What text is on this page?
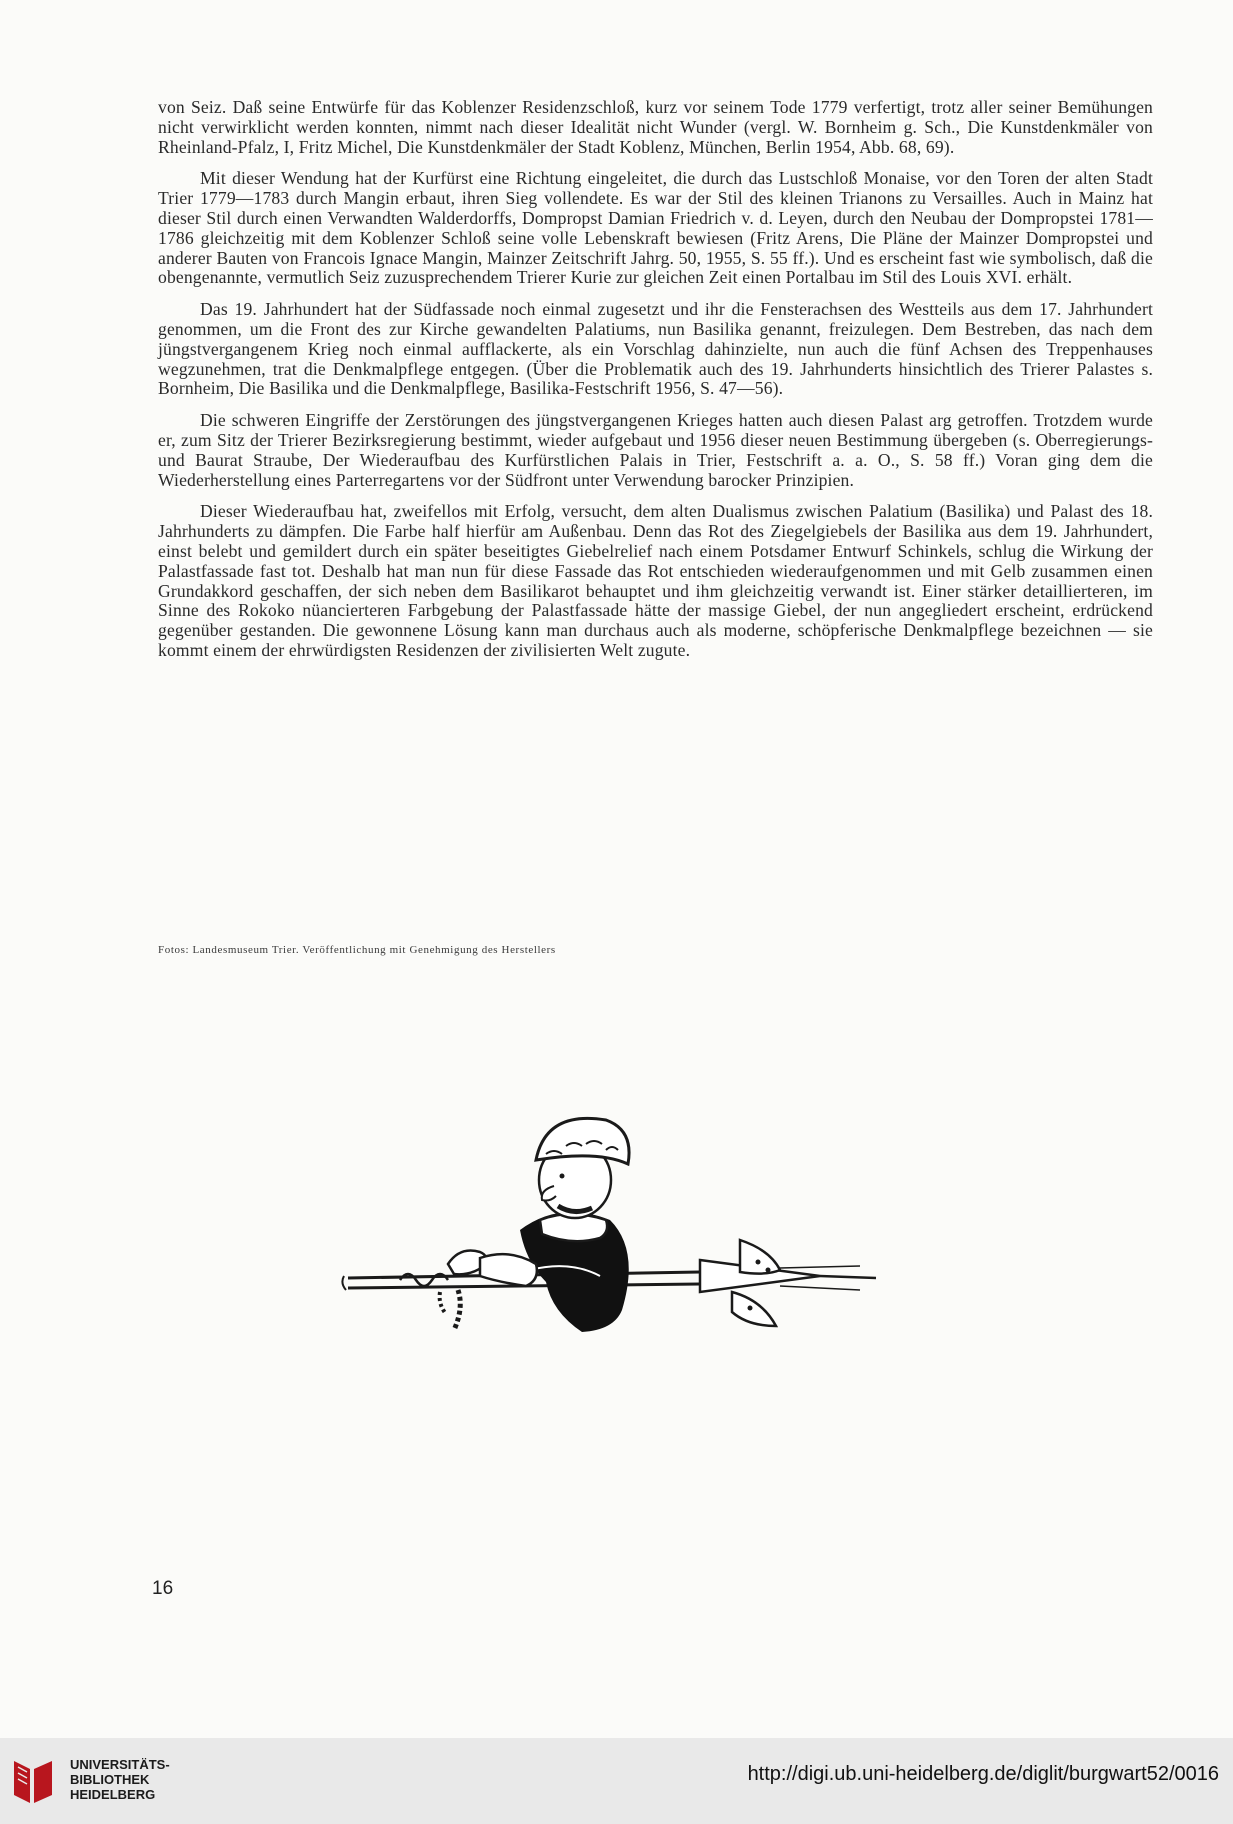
von Seiz. Daß seine Entwürfe für das Koblenzer Residenzschloß, kurz vor seinem Tode 1779 verfertigt, trotz aller seiner Bemühungen nicht verwirklicht werden konnten, nimmt nach dieser Idealität nicht Wunder (vergl. W. Bornheim g. Sch., Die Kunstdenkmäler von Rheinland-Pfalz, I, Fritz Michel, Die Kunstdenkmäler der Stadt Koblenz, München, Berlin 1954, Abb. 68, 69).

Mit dieser Wendung hat der Kurfürst eine Richtung eingeleitet, die durch das Lustschloß Monaise, vor den Toren der alten Stadt Trier 1779—1783 durch Mangin erbaut, ihren Sieg vollendete. Es war der Stil des kleinen Trianons zu Versailles. Auch in Mainz hat dieser Stil durch einen Verwandten Walderdorffs, Dompropst Damian Friedrich v. d. Leyen, durch den Neubau der Dompropstei 1781—1786 gleichzeitig mit dem Koblenzer Schloß seine volle Lebenskraft bewiesen (Fritz Arens, Die Pläne der Mainzer Dompropstei und anderer Bauten von Francois Ignace Mangin, Mainzer Zeitschrift Jahrg. 50, 1955, S. 55 ff.). Und es erscheint fast wie symbolisch, daß die obengenannte, vermutlich Seiz zuzusprechendem Trierer Kurie zur gleichen Zeit einen Portalbau im Stil des Louis XVI. erhält.

Das 19. Jahrhundert hat der Südfassade noch einmal zugesetzt und ihr die Fensterachsen des Westteils aus dem 17. Jahrhundert genommen, um die Front des zur Kirche gewandelten Palatiums, nun Basilika genannt, freizulegen. Dem Bestreben, das nach dem jüngstvergangenem Krieg noch einmal aufflackerte, als ein Vorschlag dahinzielte, nun auch die fünf Achsen des Treppenhauses wegzunehmen, trat die Denkmalpflege entgegen. (Über die Problematik auch des 19. Jahrhunderts hinsichtlich des Trierer Palastes s. Bornheim, Die Basilika und die Denkmalpflege, Basilika-Festschrift 1956, S. 47—56).

Die schweren Eingriffe der Zerstörungen des jüngstvergangenen Krieges hatten auch diesen Palast arg getroffen. Trotzdem wurde er, zum Sitz der Trierer Bezirksregierung bestimmt, wieder aufgebaut und 1956 dieser neuen Bestimmung übergeben (s. Oberregierungs- und Baurat Straube, Der Wiederaufbau des Kurfürstlichen Palais in Trier, Festschrift a. a. O., S. 58 ff.) Voran ging dem die Wiederherstellung eines Parterregartens vor der Südfront unter Verwendung barocker Prinzipien.

Dieser Wiederaufbau hat, zweifellos mit Erfolg, versucht, dem alten Dualismus zwischen Palatium (Basilika) und Palast des 18. Jahrhunderts zu dämpfen. Die Farbe half hierfür am Außenbau. Denn das Rot des Ziegelgiebels der Basilika aus dem 19. Jahrhundert, einst belebt und gemildert durch ein später beseitigtes Giebelrelief nach einem Potsdamer Entwurf Schinkels, schlug die Wirkung der Palastfassade fast tot. Deshalb hat man nun für diese Fassade das Rot entschieden wiederaufgenommen und mit Gelb zusammen einen Grundakkord geschaffen, der sich neben dem Basilikarot behauptet und ihm gleichzeitig verwandt ist. Einer stärker detaillierteren, im Sinne des Rokoko nüancierteren Farbgebung der Palastfassade hätte der massige Giebel, der nun angegliedert erscheint, erdrückend gegenüber gestanden. Die gewonnene Lösung kann man durchaus auch als moderne, schöpferische Denkmalpflege bezeichnen — sie kommt einem der ehrwürdigsten Residenzen der zivilisierten Welt zugute.

Fotos: Landesmuseum Trier. Veröffentlichung mit Genehmigung des Herstellers
16
UNIVERSITÄTS-
BIBLIOTHEK
HEIDELBERG
http://digi.ub.uni-heidelberg.de/diglit/burgwart52/0016
